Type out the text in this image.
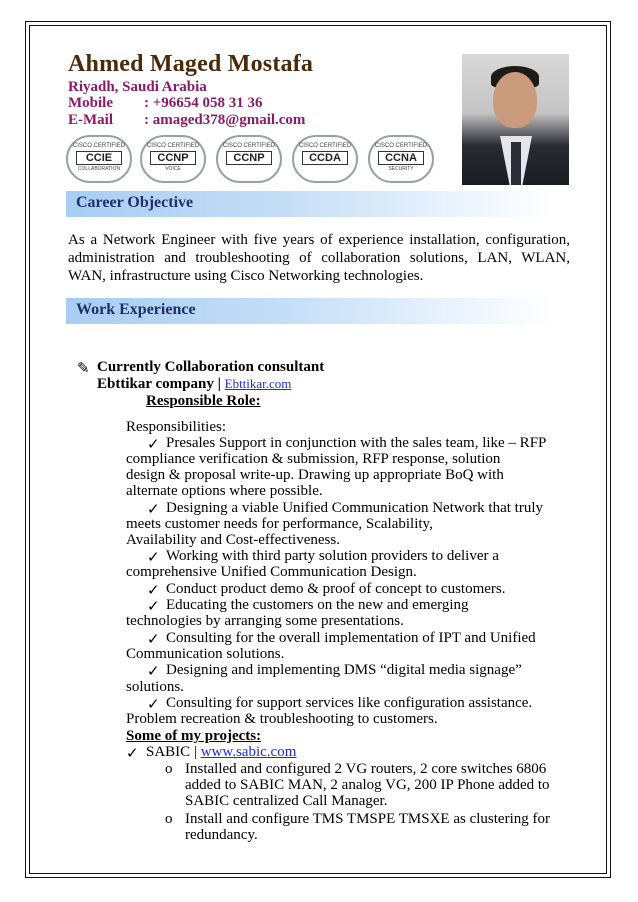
Ahmed Maged Mostafa
Riyadh, Saudi Arabia
Mobile : +96654 058 31 36
E-Mail : amaged378@gmail.com
CISCO CERTIFIED
CCIE
COLLABORATION
CISCO CERTIFIED
CCNP
VOICE
CISCO CERTIFIED
CCNP
CISCO CERTIFIED
CCDA
CISCO CERTIFIED
CCNA
SECURITY
Career Objective
As a Network Engineer with five years of experience installation, configuration, administration and troubleshooting of collaboration solutions, LAN, WLAN, WAN, infrastructure using Cisco Networking technologies.
Work Experience
✎ Currently Collaboration consultant
Ebttikar company | Ebttikar.com
Responsible Role:
Responsibilities:
✓ Presales Support in conjunction with the sales team, like – RFP
compliance verification & submission, RFP response, solution
design & proposal write-up. Drawing up appropriate BoQ with
alternate options where possible.
✓ Designing a viable Unified Communication Network that truly
meets customer needs for performance, Scalability,
Availability and Cost-effectiveness.
✓ Working with third party solution providers to deliver a
comprehensive Unified Communication Design.
✓ Conduct product demo & proof of concept to customers.
✓ Educating the customers on the new and emerging
technologies by arranging some presentations.
✓ Consulting for the overall implementation of IPT and Unified
Communication solutions.
✓ Designing and implementing DMS “digital media signage”
solutions.
✓ Consulting for support services like configuration assistance.
Problem recreation & troubleshooting to customers.
Some of my projects:
✓ SABIC | www.sabic.com
o Installed and configured 2 VG routers, 2 core switches 6806
added to SABIC MAN, 2 analog VG, 200 IP Phone added to
SABIC centralized Call Manager.
o Install and configure TMS TMSPE TMSXE as clustering for
redundancy.
